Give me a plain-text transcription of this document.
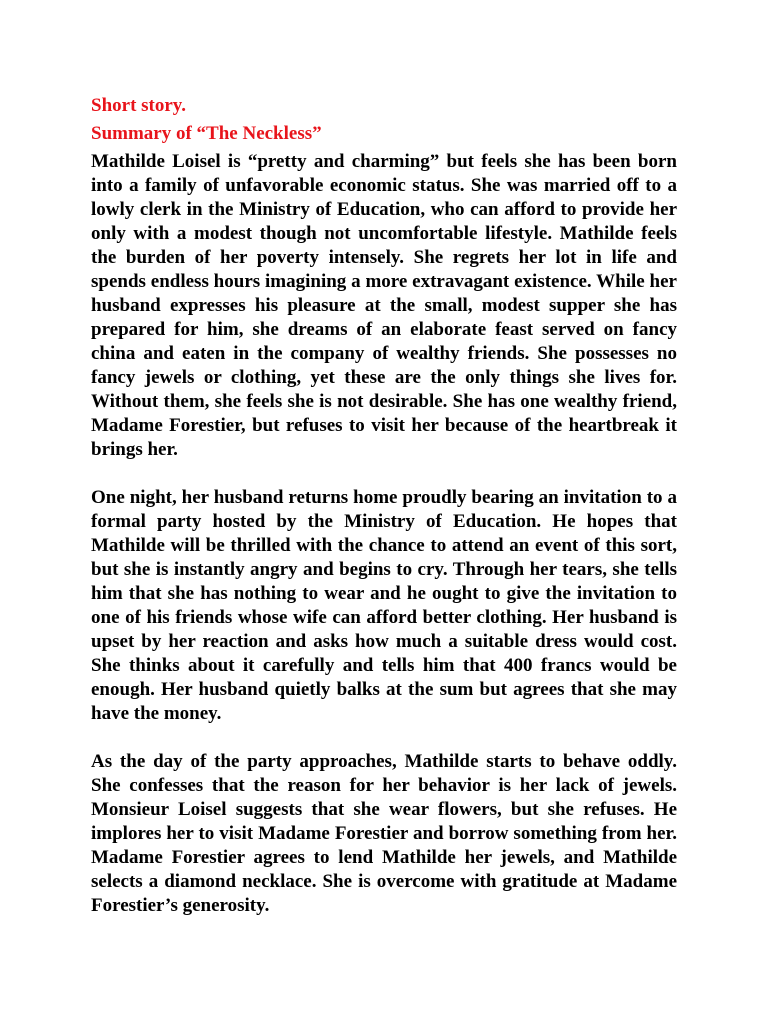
Short story.
Summary of “The Neckless”

Mathilde Loisel is “pretty and charming” but feels she has been born into a family of unfavorable economic status. She was married off to a lowly clerk in the Ministry of Education, who can afford to provide her only with a modest though not uncomfortable lifestyle. Mathilde feels the burden of her poverty intensely. She regrets her lot in life and spends endless hours imagining a more extravagant existence. While her husband expresses his pleasure at the small, modest supper she has prepared for him, she dreams of an elaborate feast served on fancy china and eaten in the company of wealthy friends. She possesses no fancy jewels or clothing, yet these are the only things she lives for. Without them, she feels she is not desirable. She has one wealthy friend, Madame Forestier, but refuses to visit her because of the heartbreak it brings her.

One night, her husband returns home proudly bearing an invitation to a formal party hosted by the Ministry of Education. He hopes that Mathilde will be thrilled with the chance to attend an event of this sort, but she is instantly angry and begins to cry. Through her tears, she tells him that she has nothing to wear and he ought to give the invitation to one of his friends whose wife can afford better clothing. Her husband is upset by her reaction and asks how much a suitable dress would cost. She thinks about it carefully and tells him that 400 francs would be enough. Her husband quietly balks at the sum but agrees that she may have the money.

As the day of the party approaches, Mathilde starts to behave oddly. She confesses that the reason for her behavior is her lack of jewels. Monsieur Loisel suggests that she wear flowers, but she refuses. He implores her to visit Madame Forestier and borrow something from her. Madame Forestier agrees to lend Mathilde her jewels, and Mathilde selects a diamond necklace. She is overcome with gratitude at Madame Forestier’s generosity.
